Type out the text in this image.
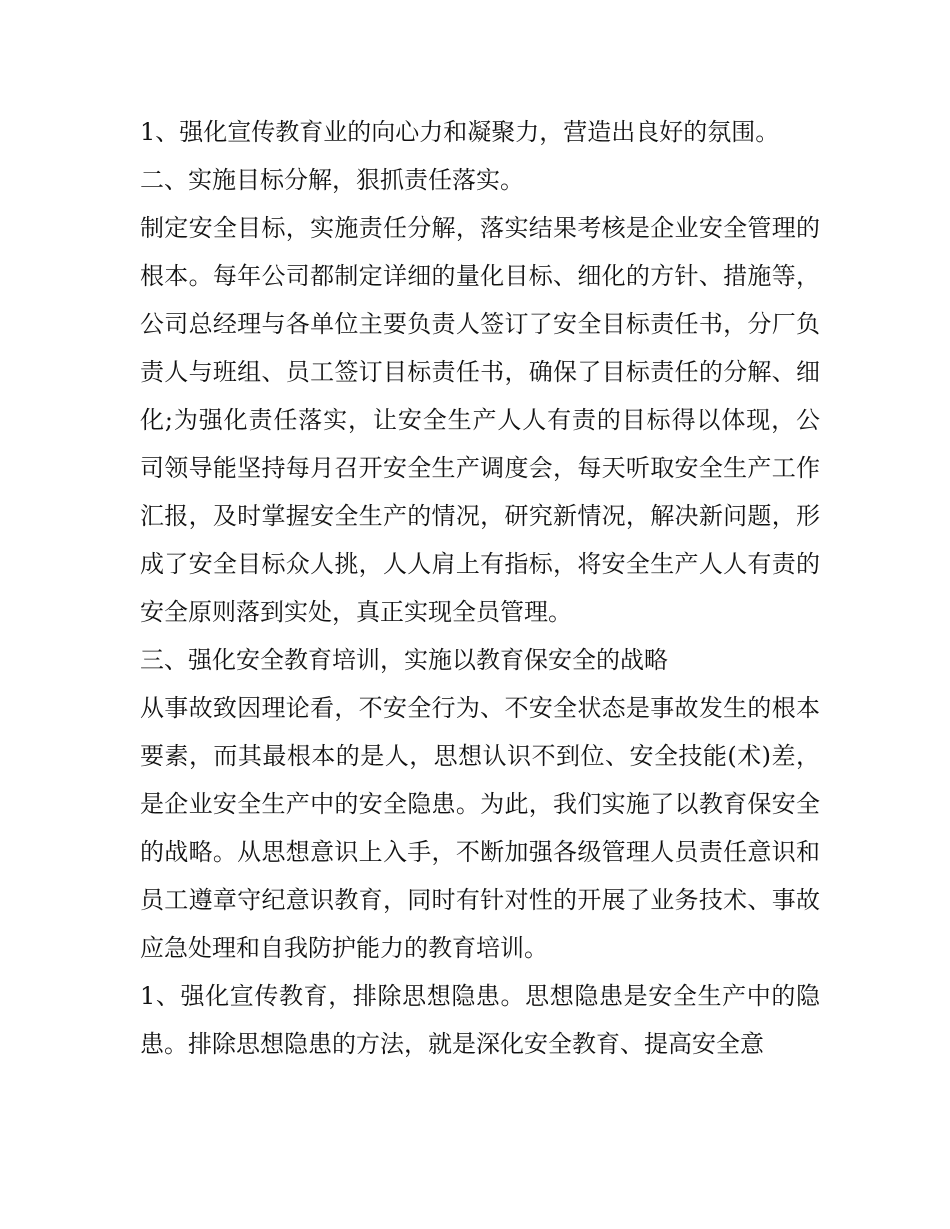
1、强化宣传教育业的向心力和凝聚力，营造出良好的氛围。

二、实施目标分解，狠抓责任落实。

制定安全目标，实施责任分解，落实结果考核是企业安全管理的根本。每年公司都制定详细的量化目标、细化的方针、措施等，公司总经理与各单位主要负责人签订了安全目标责任书，分厂负责人与班组、员工签订目标责任书，确保了目标责任的分解、细化;为强化责任落实，让安全生产人人有责的目标得以体现，公司领导能坚持每月召开安全生产调度会，每天听取安全生产工作汇报，及时掌握安全生产的情况，研究新情况，解决新问题，形成了安全目标众人挑，人人肩上有指标，将安全生产人人有责的安全原则落到实处，真正实现全员管理。

三、强化安全教育培训，实施以教育保安全的战略

从事故致因理论看，不安全行为、不安全状态是事故发生的根本要素，而其最根本的是人，思想认识不到位、安全技能(术)差，是企业安全生产中的安全隐患。为此，我们实施了以教育保安全的战略。从思想意识上入手，不断加强各级管理人员责任意识和员工遵章守纪意识教育，同时有针对性的开展了业务技术、事故应急处理和自我防护能力的教育培训。

1、强化宣传教育，排除思想隐患。思想隐患是安全生产中的隐患。排除思想隐患的方法，就是深化安全教育、提高安全意
